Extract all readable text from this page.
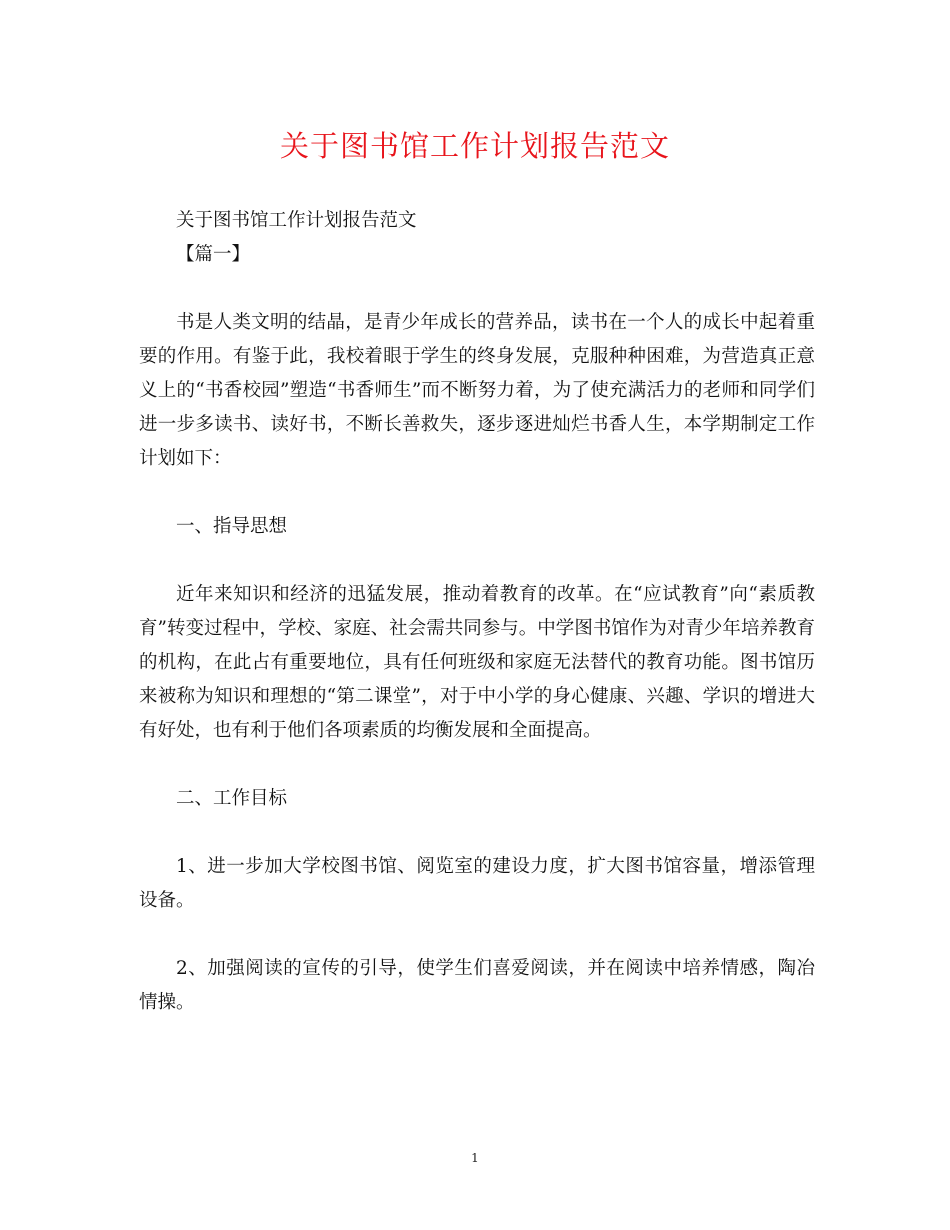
关于图书馆工作计划报告范文
关于图书馆工作计划报告范文
【篇一】
书是人类文明的结晶，是青少年成长的营养品，读书在一个人的成长中起着重要的作用。有鉴于此，我校着眼于学生的终身发展，克服种种困难，为营造真正意义上的“书香校园”塑造“书香师生”而不断努力着，为了使充满活力的老师和同学们进一步多读书、读好书，不断长善救失，逐步逐进灿烂书香人生，本学期制定工作计划如下：
一、指导思想
近年来知识和经济的迅猛发展，推动着教育的改革。在“应试教育”向“素质教育”转变过程中，学校、家庭、社会需共同参与。中学图书馆作为对青少年培养教育的机构，在此占有重要地位，具有任何班级和家庭无法替代的教育功能。图书馆历来被称为知识和理想的“第二课堂”，对于中小学的身心健康、兴趣、学识的增进大有好处，也有利于他们各项素质的均衡发展和全面提高。
二、工作目标
1、进一步加大学校图书馆、阅览室的建设力度，扩大图书馆容量，增添管理设备。
2、加强阅读的宣传的引导，使学生们喜爱阅读，并在阅读中培养情感，陶冶情操。
1
